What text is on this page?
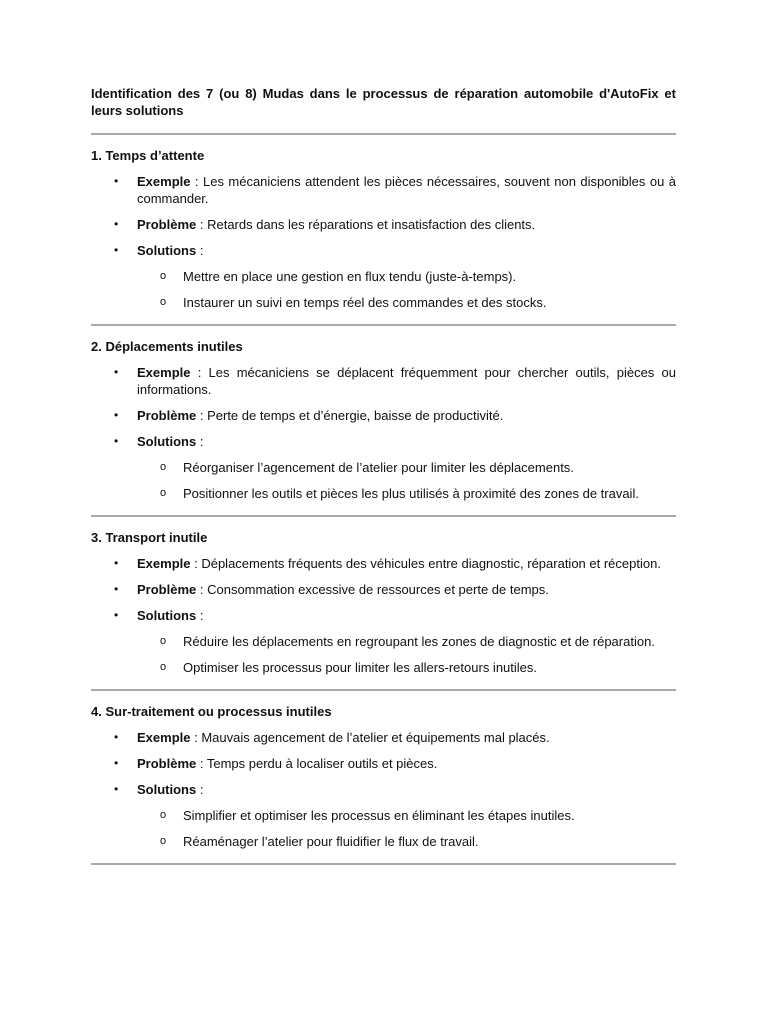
Identification des 7 (ou 8) Mudas dans le processus de réparation automobile d'AutoFix et leurs solutions

1. Temps d’attente

• Exemple : Les mécaniciens attendent les pièces nécessaires, souvent non disponibles ou à commander.
• Problème : Retards dans les réparations et insatisfaction des clients.
• Solutions :
o Mettre en place une gestion en flux tendu (juste-à-temps).
o Instaurer un suivi en temps réel des commandes et des stocks.

2. Déplacements inutiles

• Exemple : Les mécaniciens se déplacent fréquemment pour chercher outils, pièces ou informations.
• Problème : Perte de temps et d’énergie, baisse de productivité.
• Solutions :
o Réorganiser l’agencement de l’atelier pour limiter les déplacements.
o Positionner les outils et pièces les plus utilisés à proximité des zones de travail.

3. Transport inutile

• Exemple : Déplacements fréquents des véhicules entre diagnostic, réparation et réception.
• Problème : Consommation excessive de ressources et perte de temps.
• Solutions :
o Réduire les déplacements en regroupant les zones de diagnostic et de réparation.
o Optimiser les processus pour limiter les allers-retours inutiles.

4. Sur-traitement ou processus inutiles

• Exemple : Mauvais agencement de l’atelier et équipements mal placés.
• Problème : Temps perdu à localiser outils et pièces.
• Solutions :
o Simplifier et optimiser les processus en éliminant les étapes inutiles.
o Réaménager l’atelier pour fluidifier le flux de travail.
